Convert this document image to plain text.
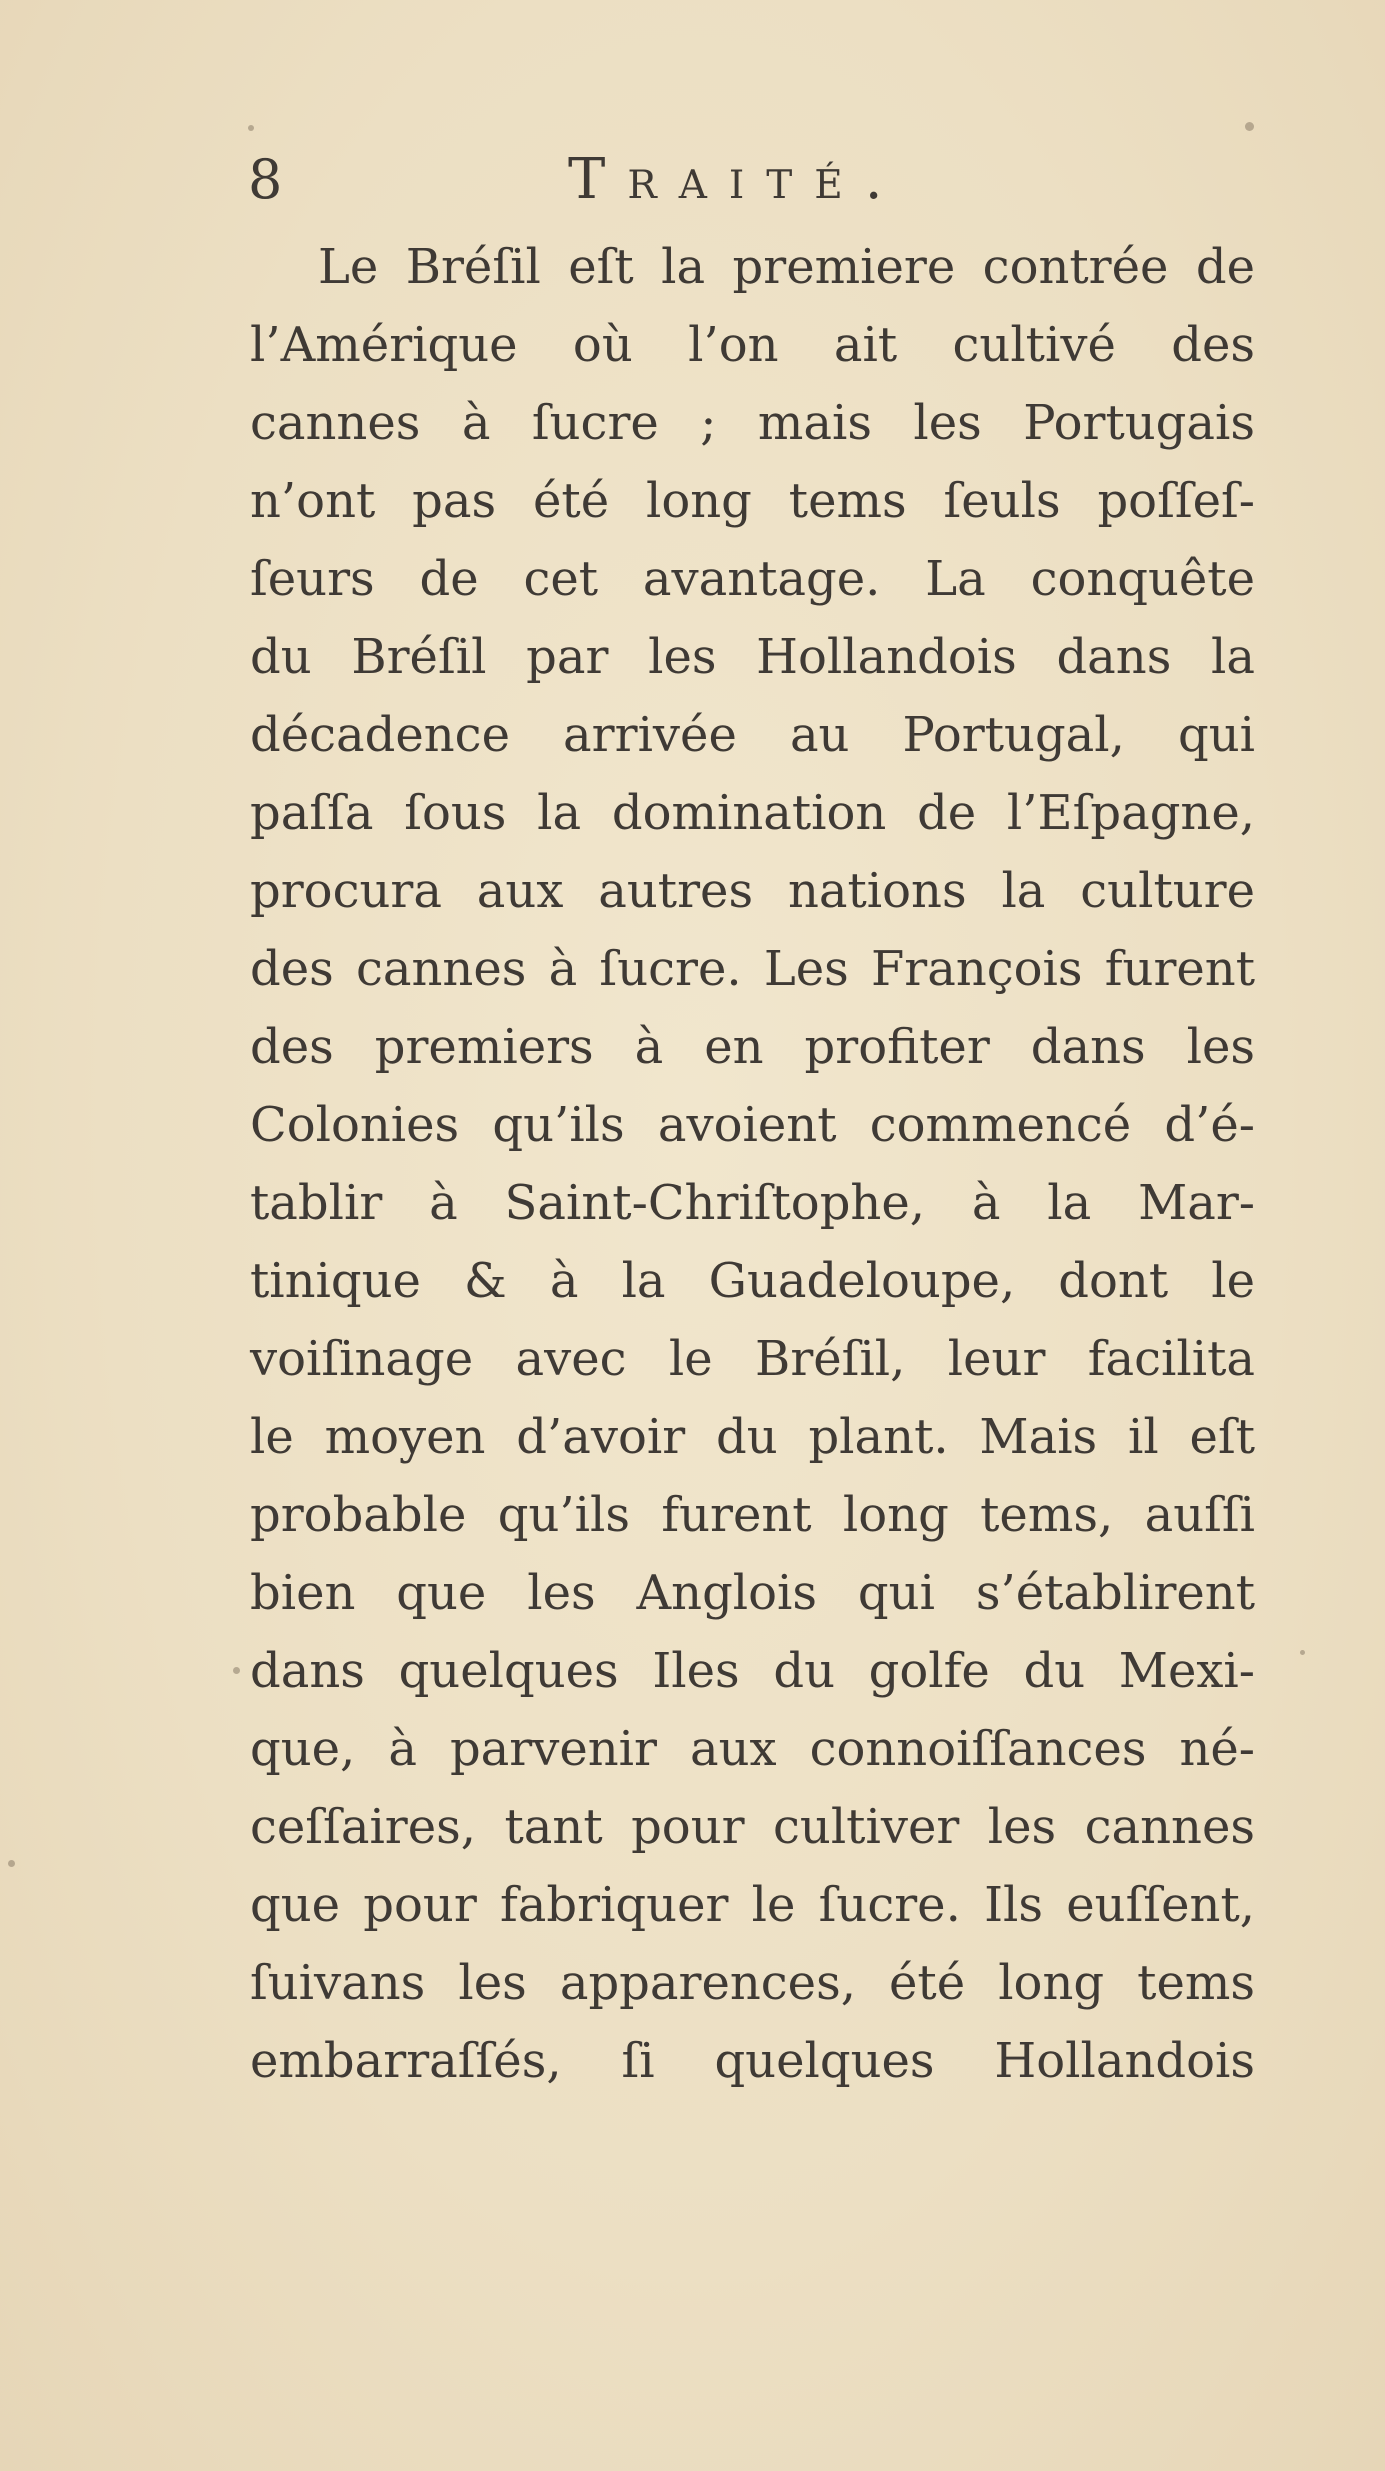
8	Traité.
Le Bréſil eſt la premiere contrée de
l’Amérique où l’on ait cultivé des
cannes à ſucre ; mais les Portugais
n’ont pas été long tems ſeuls poſſeſ-
ſeurs de cet avantage. La conquête
du Bréſil par les Hollandois dans la
décadence arrivée au Portugal, qui
paſſa ſous la domination de l’Eſpagne,
procura aux autres nations la culture
des cannes à ſucre. Les François furent
des premiers à en profiter dans les
Colonies qu’ils avoient commencé d’é-
tablir à Saint-Chriſtophe, à la Mar-
tinique & à la Guadeloupe, dont le
voiſinage avec le Bréſil, leur facilita
le moyen d’avoir du plant. Mais il eſt
probable qu’ils furent long tems, auſſi
bien que les Anglois qui s’établirent
dans quelques Iles du golfe du Mexi-
que, à parvenir aux connoiſſances né-
ceſſaires, tant pour cultiver les cannes
que pour fabriquer le ſucre. Ils euſſent,
ſuivans les apparences, été long tems
embarraſſés, ſi quelques Hollandois
